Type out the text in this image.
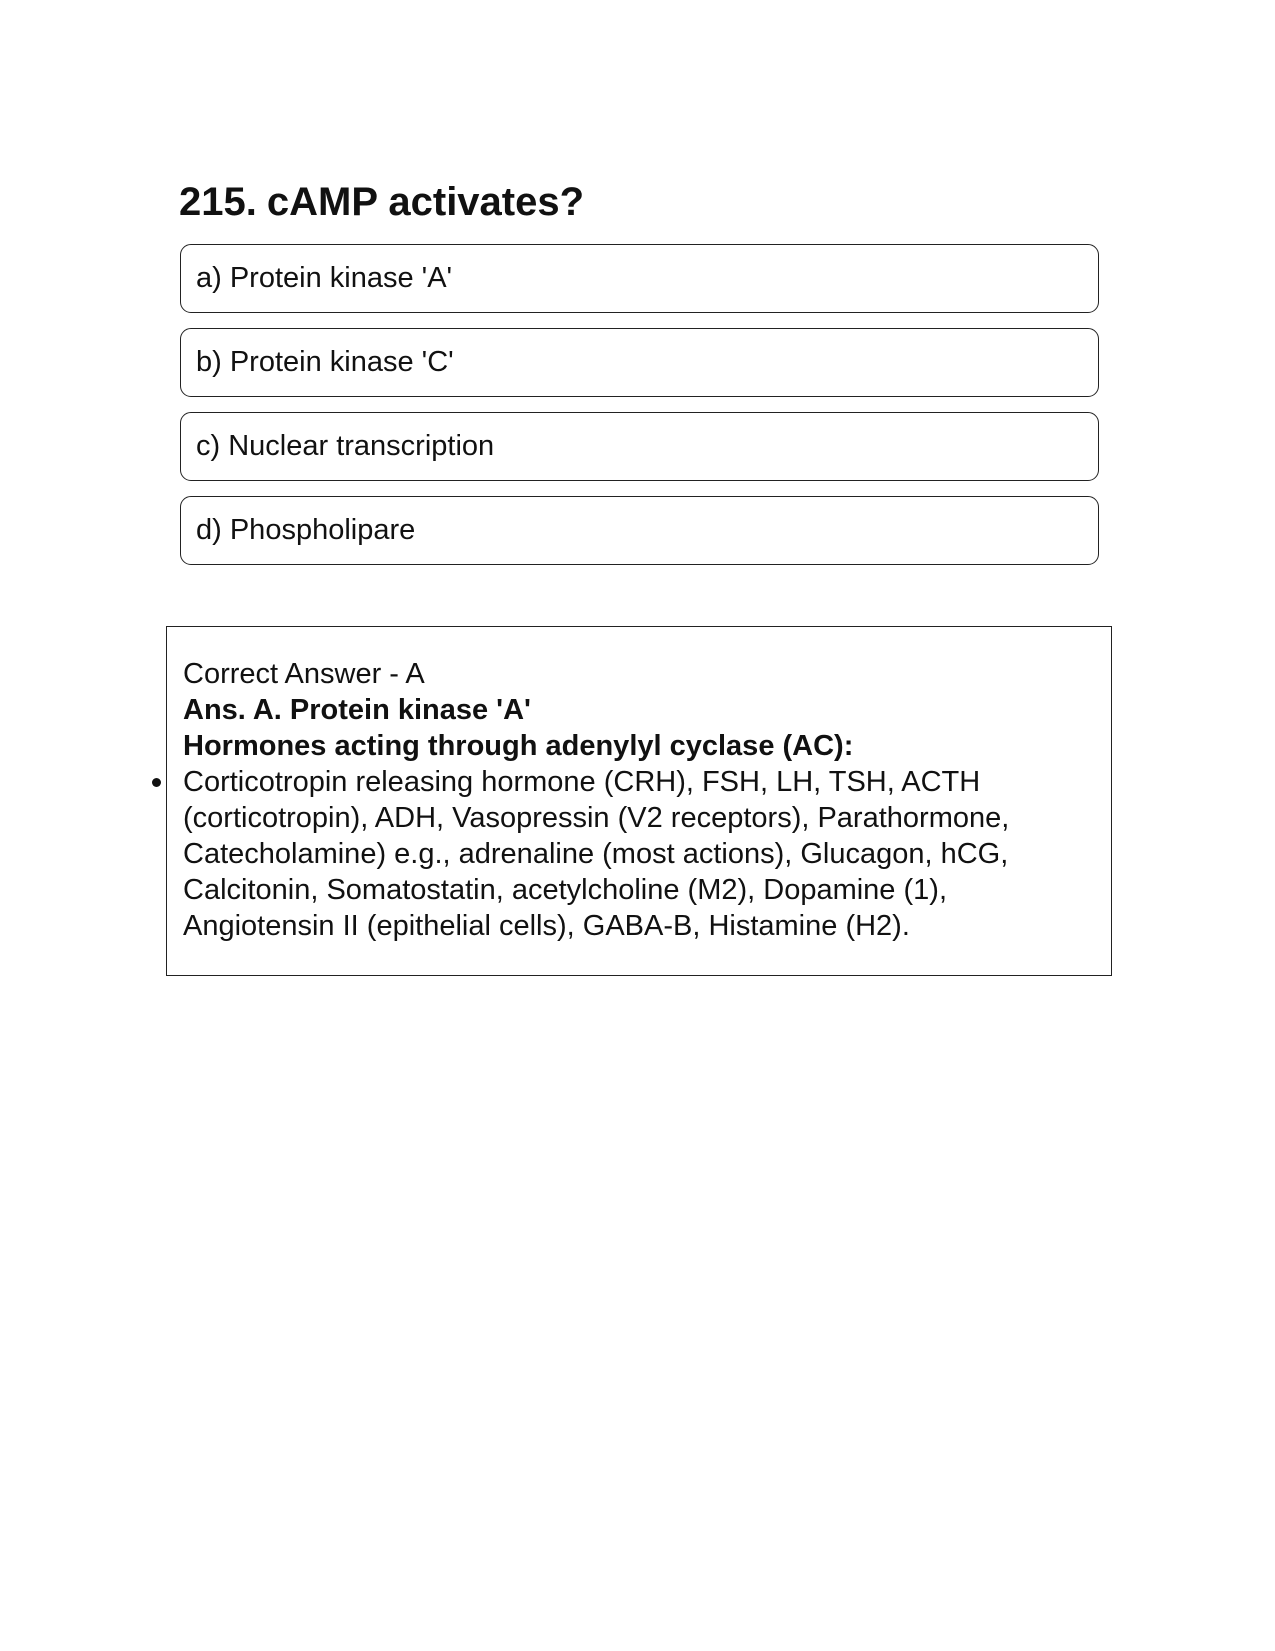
215. cAMP activates?
a) Protein kinase 'A'
b) Protein kinase 'C'
c) Nuclear transcription
d) Phospholipare
Correct Answer - A
Ans. A. Protein kinase 'A'
Hormones acting through adenylyl cyclase (AC):
Corticotropin releasing hormone (CRH), FSH, LH, TSH, ACTH (corticotropin), ADH, Vasopressin (V2 receptors), Parathormone, Catecholamine) e.g., adrenaline (most actions), Glucagon, hCG, Calcitonin, Somatostatin, acetylcholine (M2), Dopamine (1), Angiotensin II (epithelial cells), GABA-B, Histamine (H2).
